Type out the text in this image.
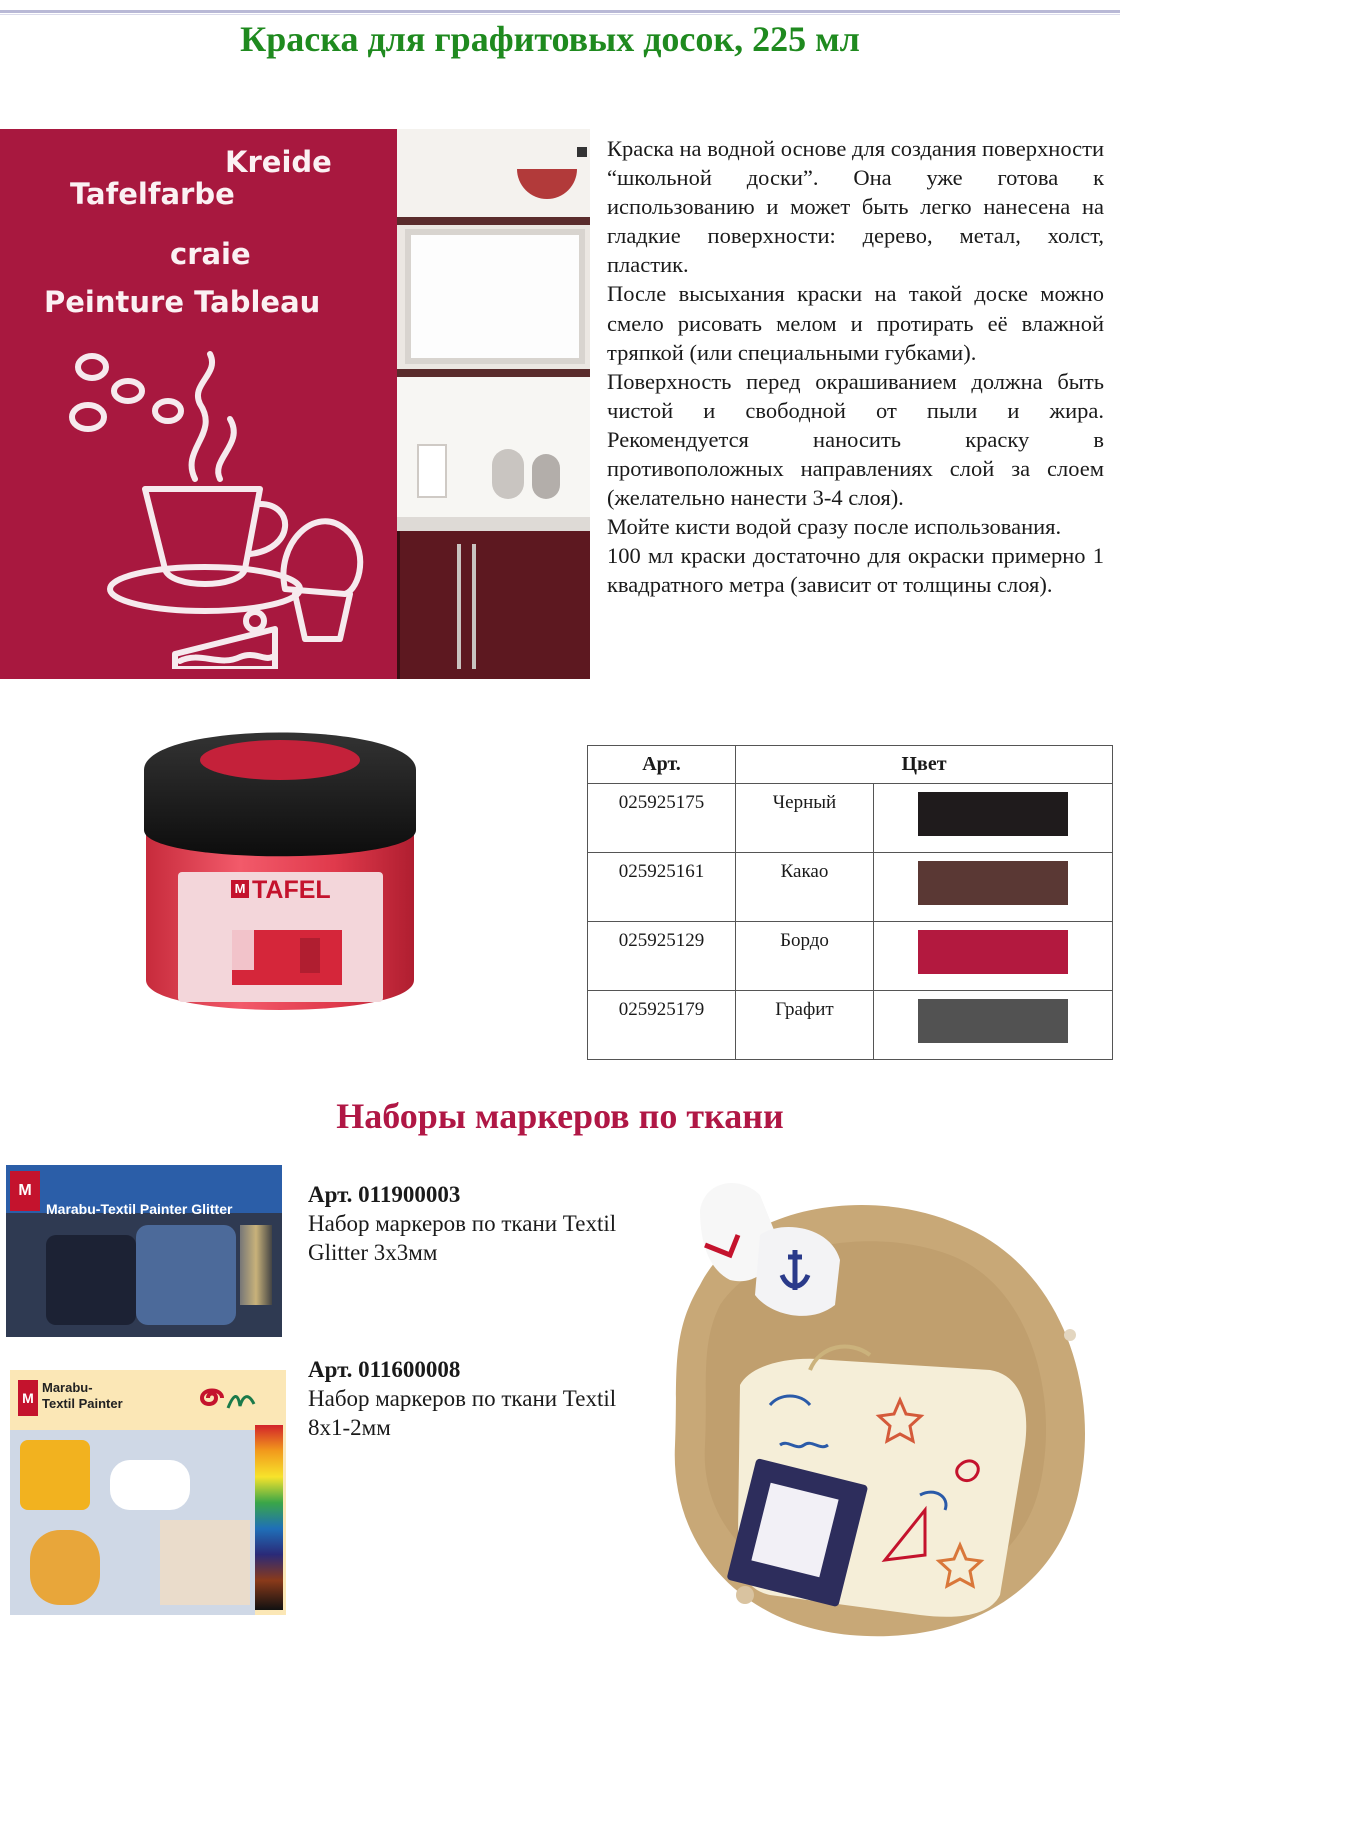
Краска для графитовых досок, 225 мл
Kreide
Tafelfarbe
craie
Peinture Tableau

Краска на водной основе для создания поверхности “школьной доски”. Она уже готова к использованию и может быть легко нанесена на гладкие поверхности: дерево, метал, холст, пластик.

После высыхания краски на такой доске можно смело рисовать мелом и протирать её влажной тряпкой (или специальными губками).

Поверхность перед окрашиванием должна быть чистой и свободной от пыли и жира. Рекомендуется наносить краску в противоположных направлениях слой за слоем (желательно нанести 3-4 слоя).

Мойте кисти водой сразу после использования.

100 мл краски достаточно для окраски примерно 1 квадратного метра (зависит от толщины слоя).

M TAFEL
Арт.	Цвет	
025925175	Черный	

025925161	Какао	

025925129	Бордо	

025925179	Графит	
Наборы маркеров по ткани
M
Marabu-Textil Painter Glitter
Арт. 011900003
Набор маркеров по ткани Textil
Glitter 3х3мм
M
Marabu-
Textil Painter
Арт. 011600008
Набор маркеров по ткани Textil
8х1-2мм
